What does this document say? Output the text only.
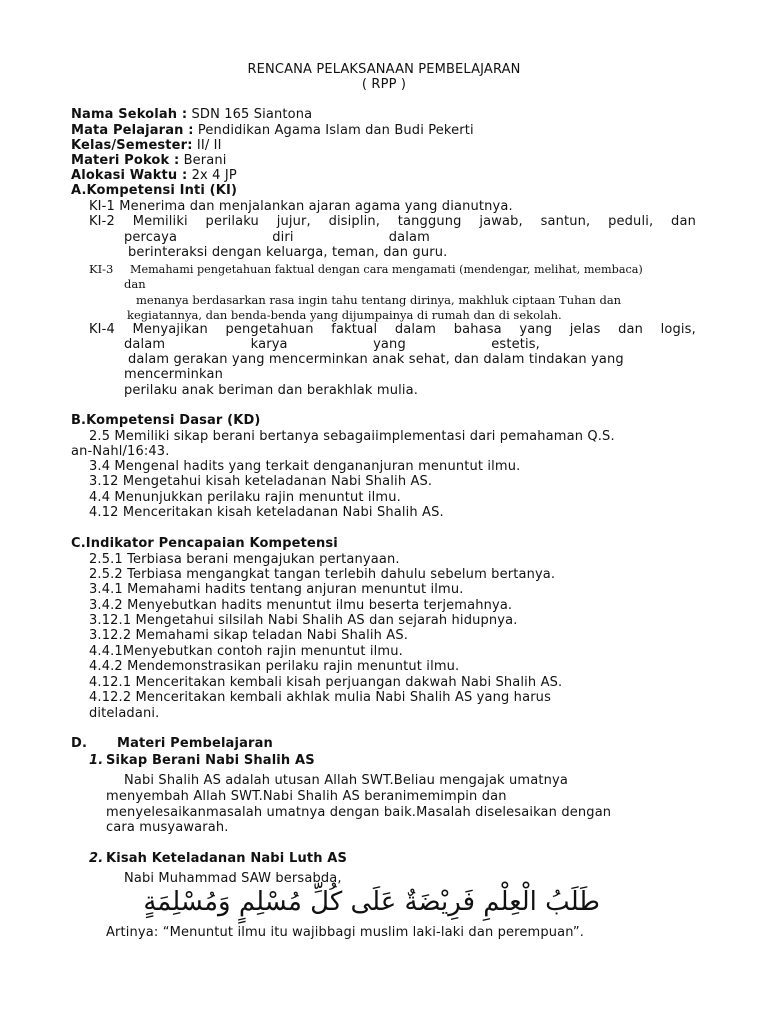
RENCANA PELAKSANAAN PEMBELAJARAN

( RPP )

Nama Sekolah : SDN 165 Siantona

Mata Pelajaran : Pendidikan Agama Islam dan Budi Pekerti

Kelas/Semester: II/ II

Materi Pokok : Berani

Alokasi Waktu : 2x 4 JP

A.Kompetensi Inti (KI)

KI-1 Menerima dan menjalankan ajaran agama yang dianutnya.

KI-2 Memiliki perilaku jujur, disiplin, tanggung jawab, santun, peduli, dan
percaya	diri	dalam

berinteraksi dengan keluarga, teman, dan guru.

KI-3 Memahami pengetahuan faktual dengan cara mengamati (mendengar, melihat, membaca)

dan

menanya berdasarkan rasa ingin tahu tentang dirinya, makhluk ciptaan Tuhan dan

kegiatannya, dan benda-benda yang dijumpainya di rumah dan di sekolah.

KI-4 Menyajikan pengetahuan faktual dalam bahasa yang jelas dan logis,
dalam	karya	yang	estetis,

dalam gerakan yang mencerminkan anak sehat, dan dalam tindakan yang

mencerminkan

perilaku anak beriman dan berakhlak mulia.

B.Kompetensi Dasar (KD)

2.5 Memiliki sikap berani bertanya sebagaiimplementasi dari pemahaman Q.S.

an-Nahl/16:43.

3.4 Mengenal hadits yang terkait dengananjuran menuntut ilmu.

3.12 Mengetahui kisah keteladanan Nabi Shalih AS.

4.4 Menunjukkan perilaku rajin menuntut ilmu.

4.12 Menceritakan kisah keteladanan Nabi Shalih AS.

C.Indikator Pencapaian Kompetensi

2.5.1 Terbiasa berani mengajukan pertanyaan.

2.5.2 Terbiasa mengangkat tangan terlebih dahulu sebelum bertanya.

3.4.1 Memahami hadits tentang anjuran menuntut ilmu.

3.4.2 Menyebutkan hadits menuntut ilmu beserta terjemahnya.

3.12.1 Mengetahui silsilah Nabi Shalih AS dan sejarah hidupnya.

3.12.2 Memahami sikap teladan Nabi Shalih AS.

4.4.1Menyebutkan contoh rajin menuntut ilmu.

4.4.2 Mendemonstrasikan perilaku rajin menuntut ilmu.

4.12.1 Menceritakan kembali kisah perjuangan dakwah Nabi Shalih AS.

4.12.2 Menceritakan kembali akhlak mulia Nabi Shalih AS yang harus

diteladani.

D. Materi Pembelajaran

1. Sikap Berani Nabi Shalih AS

Nabi Shalih AS adalah utusan Allah SWT.Beliau mengajak umatnya

menyembah Allah SWT.Nabi Shalih AS beranimemimpin dan

menyelesaikanmasalah umatnya dengan baik.Masalah diselesaikan dengan

cara musyawarah.

2. Kisah Keteladanan Nabi Luth AS

Nabi Muhammad SAW bersabda,

طَلَبُ الْعِلْمِ فَرِيْضَةٌ عَلَى كُلِّ مُسْلِمٍ وَمُسْلِمَةٍ

Artinya: “Menuntut ilmu itu wajibbagi muslim laki-laki dan perempuan”.
